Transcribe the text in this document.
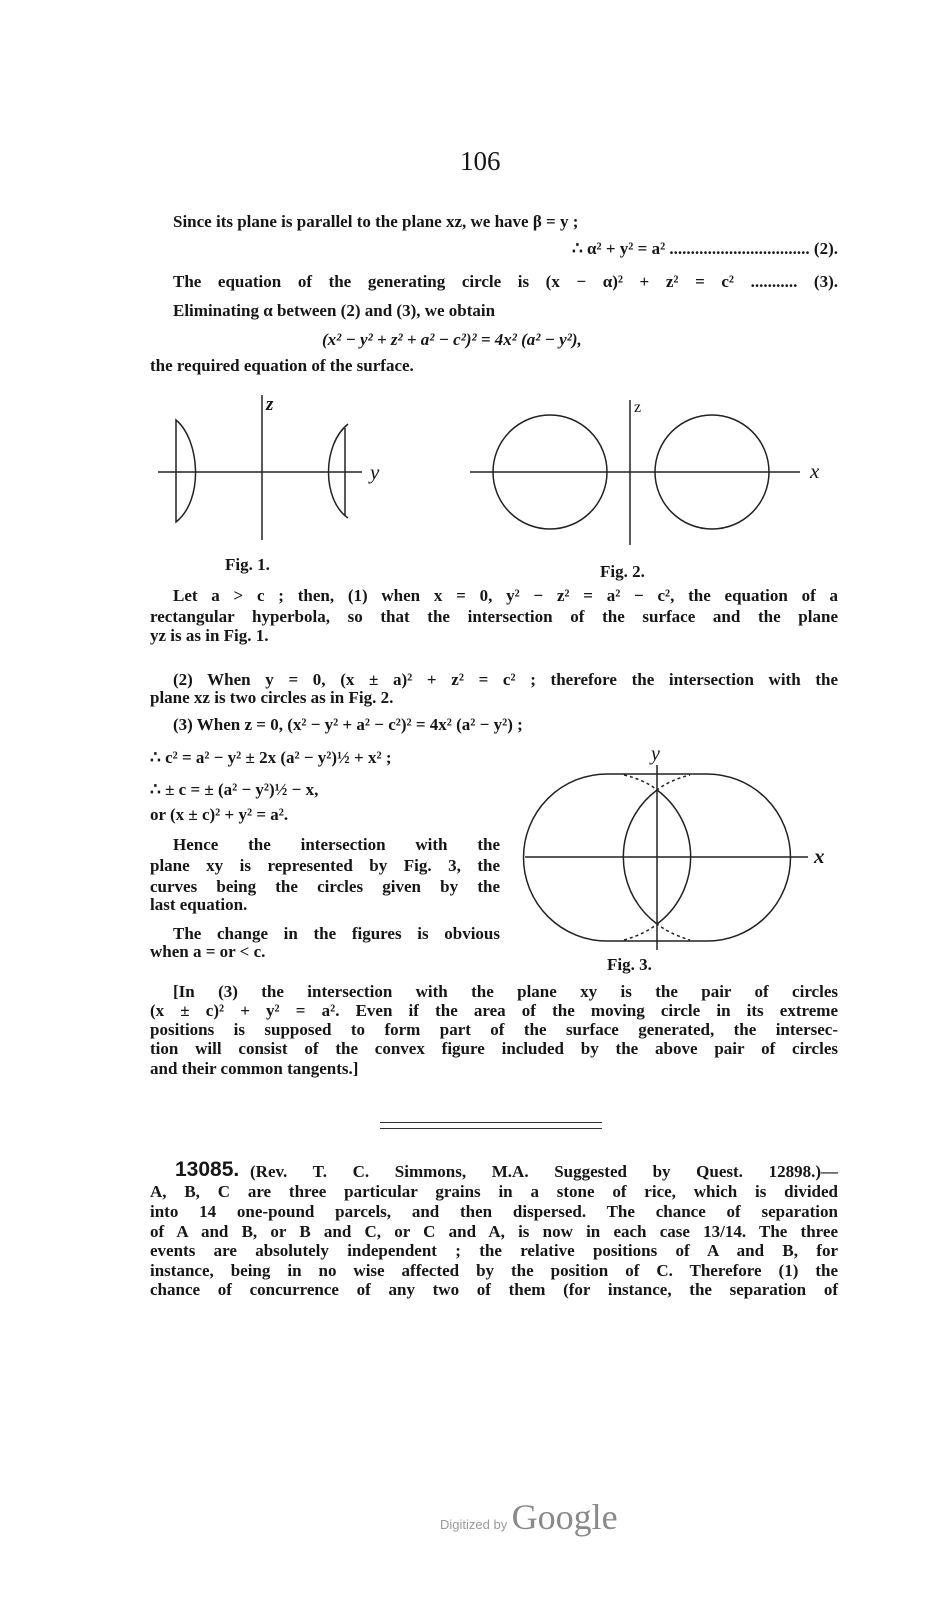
106
Since its plane is parallel to the plane xz, we have β = y ;
∴ α² + y² = a² ................................. (2).
The equation of the generating circle is (x − α)² + z² = c² ........... (3).
Eliminating α between (2) and (3), we obtain
(x² − y² + z² + a² − c²)² = 4x² (a² − y²),
the required equation of the surface.
z
y
z
x
y
x
Fig. 1.	Fig. 2.
Fig. 3.
Let a > c ; then, (1) when x = 0, y² − z² = a² − c², the equation of a
rectangular hyperbola, so that the intersection of the surface and the plane
yz is as in Fig. 1.
(2) When y = 0, (x ± a)² + z² = c² ; therefore the intersection with the
plane xz is two circles as in Fig. 2.
(3) When z = 0, (x² − y² + a² − c²)² = 4x² (a² − y²) ;
∴ c² = a² − y² ± 2x (a² − y²)½ + x² ;
∴ ± c = ± (a² − y²)½ − x,
or (x ± c)² + y² = a².
Hence the intersection with the
plane xy is represented by Fig. 3, the
curves being the circles given by the
last equation.
The change in the figures is obvious
when a = or < c.
[In (3) the intersection with the plane xy is the pair of circles
(x ± c)² + y² = a². Even if the area of the moving circle in its extreme
positions is supposed to form part of the surface generated, the intersec-
tion will consist of the convex figure included by the above pair of circles
and their common tangents.]
13085. (Rev. T. C. Simmons, M.A. Suggested by Quest. 12898.)—
A, B, C are three particular grains in a stone of rice, which is divided
into 14 one-pound parcels, and then dispersed. The chance of separation
of A and B, or B and C, or C and A, is now in each case 13/14. The three
events are absolutely independent ; the relative positions of A and B, for
instance, being in no wise affected by the position of C. Therefore (1) the
chance of concurrence of any two of them (for instance, the separation of
Digitized by Google
